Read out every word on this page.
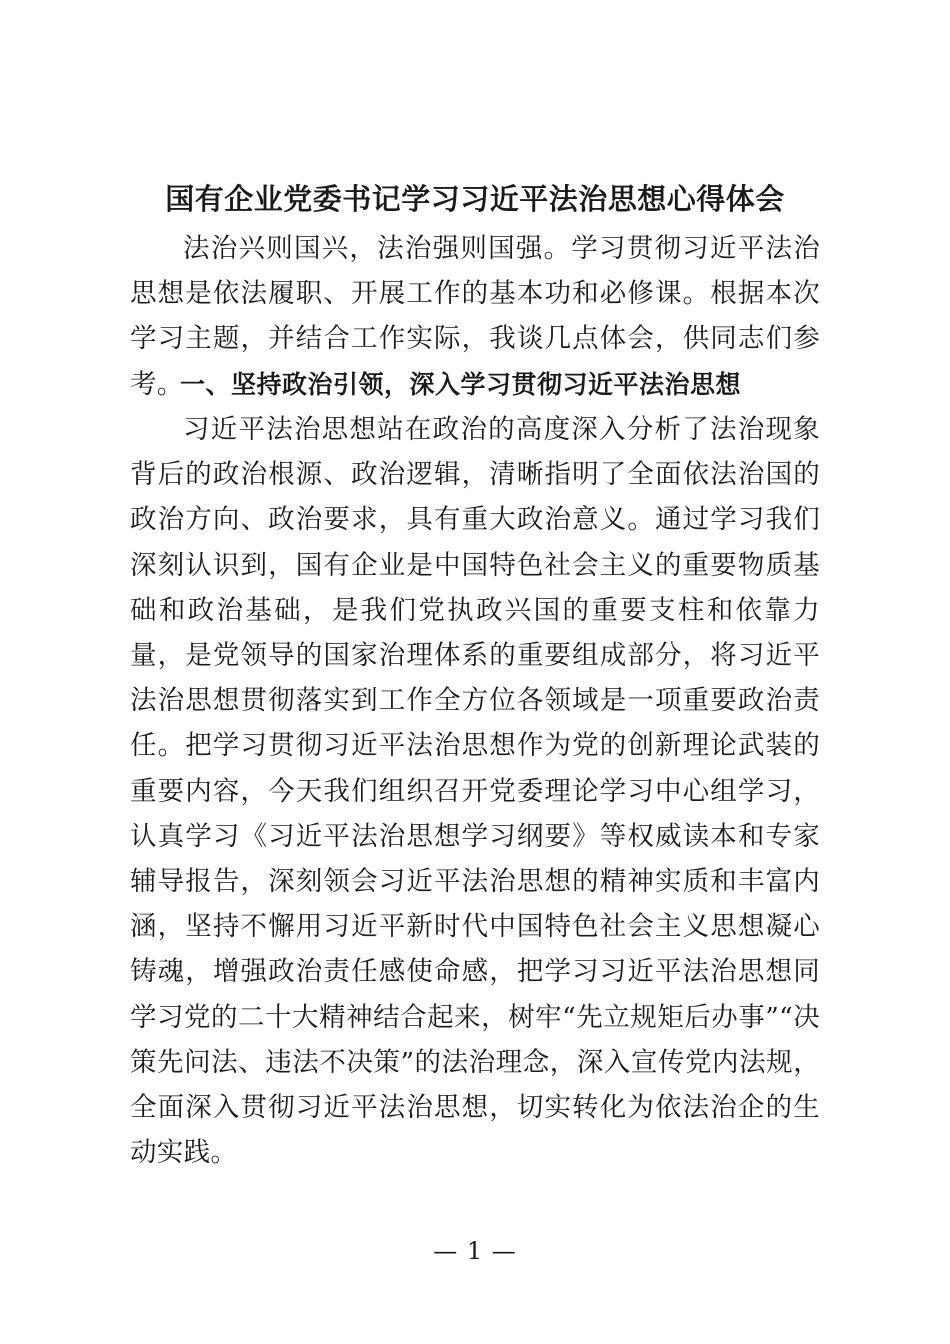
国有企业党委书记学习习近平法治思想心得体会

法治兴则国兴，法治强则国强。学习贯彻习近平法治思想是依法履职、开展工作的基本功和必修课。根据本次学习主题，并结合工作实际，我谈几点体会，供同志们参考。

一、坚持政治引领，深入学习贯彻习近平法治思想

习近平法治思想站在政治的高度深入分析了法治现象背后的政治根源、政治逻辑，清晰指明了全面依法治国的政治方向、政治要求，具有重大政治意义。通过学习我们深刻认识到，国有企业是中国特色社会主义的重要物质基础和政治基础，是我们党执政兴国的重要支柱和依靠力量，是党领导的国家治理体系的重要组成部分，将习近平法治思想贯彻落实到工作全方位各领域是一项重要政治责任。把学习贯彻习近平法治思想作为党的创新理论武装的重要内容，今天我们组织召开党委理论学习中心组学习，认真学习《习近平法治思想学习纲要》等权威读本和专家辅导报告，深刻领会习近平法治思想的精神实质和丰富内涵，坚持不懈用习近平新时代中国特色社会主义思想凝心铸魂，增强政治责任感使命感，把学习习近平法治思想同学习党的二十大精神结合起来，树牢“先立规矩后办事”“决策先问法、违法不决策”的法治理念，深入宣传党内法规，全面深入贯彻习近平法治思想，切实转化为依法治企的生动实践。

— 1 —
